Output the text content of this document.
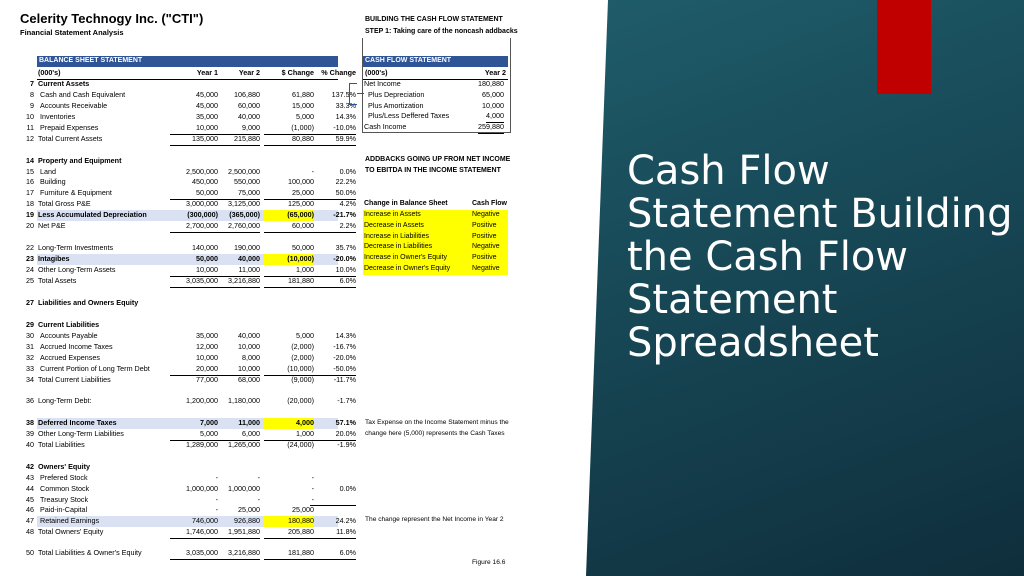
Celerity Technogy Inc. ("CTI")
Financial Statement Analysis
BUILDING THE CASH FLOW STATEMENT
STEP 1: Taking care of the noncash addbacks
BALANCE SHEET STATEMENT
(000's)	Year 1	Year 2	$ Change	% Change
7 Current Assets
8 Cash and Cash Equivalent	45,000	106,880	61,880	137.5%
9 Accounts Receivable	45,000	60,000	15,000	33.3%
10 Inventories	35,000	40,000	5,000	14.3%
11 Prepaid Expenses	10,000	9,000	(1,000)	-10.0%
12 Total Current Assets	135,000	215,880	80,880	59.9%
14 Property and Equipment
15 Land	2,500,000	2,500,000	-	0.0%
16 Building	450,000	550,000	100,000	22.2%
17 Furniture & Equipment	50,000	75,000	25,000	50.0%
18 Total Gross P&E	3,000,000	3,125,000	125,000	4.2%
19 Less Accumulated Depreciation	(300,000)	(365,000)	(65,000)	-21.7%
20 Net P&E	2,700,000	2,760,000	60,000	2.2%
22 Long-Term Investments	140,000	190,000	50,000	35.7%
23 Intagibes	50,000	40,000	(10,000)	-20.0%
24 Other Long-Term Assets	10,000	11,000	1,000	10.0%
25 Total Assets	3,035,000	3,216,880	181,880	6.0%
27 Liabilities and Owners Equity
29 Current Liabilities
30 Accounts Payable	35,000	40,000	5,000	14.3%
31 Accrued Income Taxes	12,000	10,000	(2,000)	-16.7%
32 Accrued Expenses	10,000	8,000	(2,000)	-20.0%
33 Current Portion of Long Term Debt	20,000	10,000	(10,000)	-50.0%
34 Total Current Liabilities	77,000	68,000	(9,000)	-11.7%
36 Long-Term Debt:	1,200,000	1,180,000	(20,000)	-1.7%
38 Deferred Income Taxes	7,000	11,000	4,000	57.1%
39 Other Long-Term Liabilities	5,000	6,000	1,000	20.0%
40 Total Liabilities	1,289,000	1,265,000	(24,000)	-1.9%
42 Owners' Equity
43 Prefered Stock	-	-	-
44 Common Stock	1,000,000	1,000,000	-	0.0%
45 Treasury Stock	-	-	-
46 Paid-in-Capital	-	25,000	25,000
47 Retained Earnings	746,000	926,880	180,880	24.2%
48 Total Owners' Equity	1,746,000	1,951,880	205,880	11.8%
50 Total Liabilities & Owner's Equity	3,035,000	3,216,880	181,880	6.0%
CASH FLOW STATEMENT
(000's)	Year 2
Net Income	180,880
Plus Depreciation	65,000
Plus Amortization	10,000
Plus/Less Deffered Taxes	4,000
Cash Income	259,880
ADDBACKS GOING UP FROM NET INCOME
TO EBITDA IN THE INCOME STATEMENT
Change in Balance Sheet	Cash Flow
Increase in Assets	Negative
Decrease in Assets	Positive
Increase in Liabilities	Positive
Decrease in Liabilities	Negative
Increase in Owner's Equity	Positive
Decrease in Owner's Equity	Negative
Tax Expense on the Income Statement minus the
change here (5,000) represents the Cash Taxes
The change represent the Net Income in Year 2
Figure 16.6
Cash Flow Statement Building the Cash Flow Statement Spreadsheet
